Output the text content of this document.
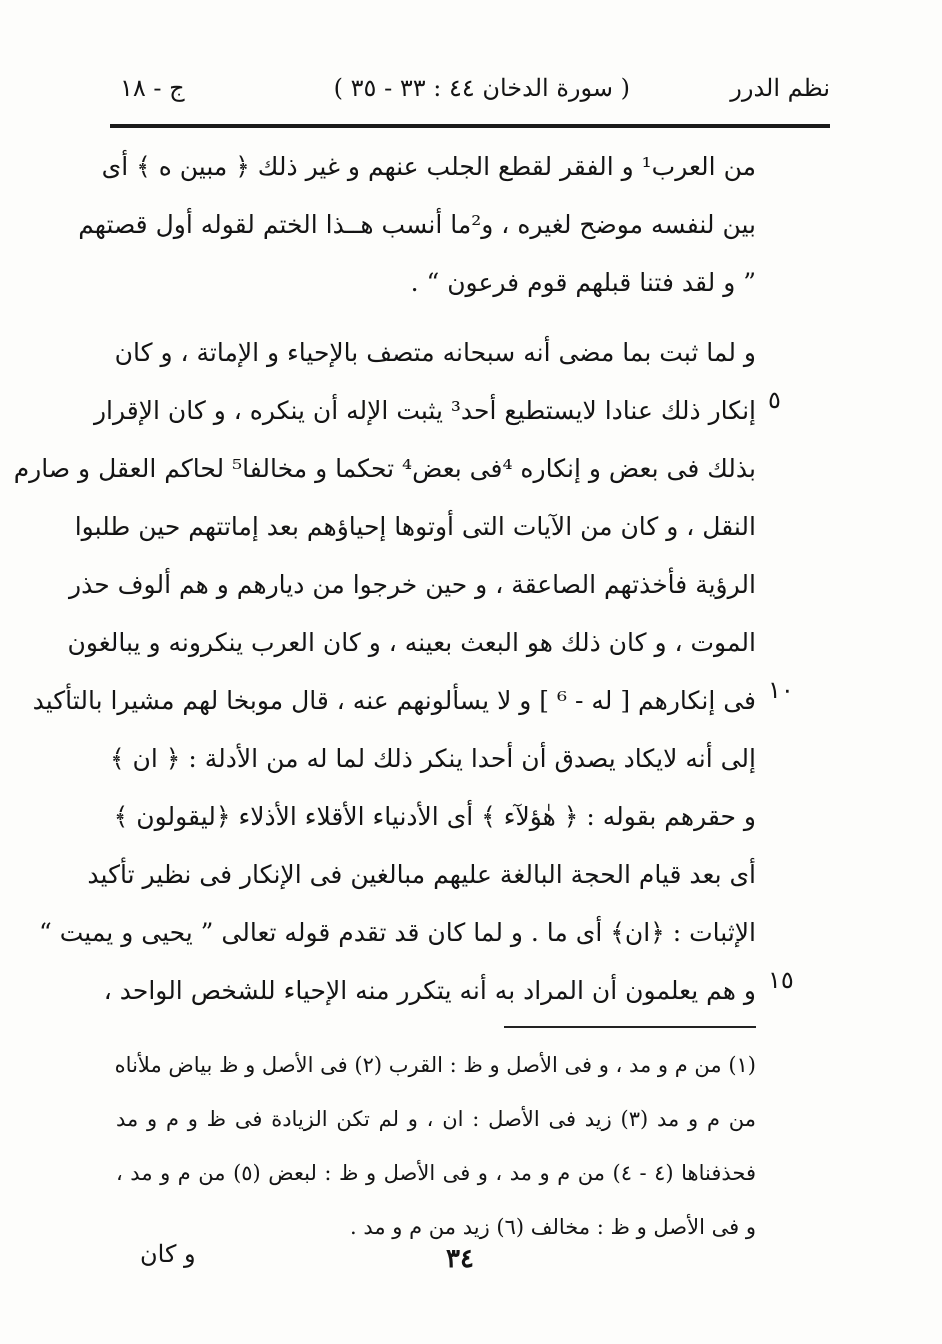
نظم الدرر
( سورة الدخان ٤٤ : ٣٣ - ٣٥ )
ج - ١٨
من العرب¹ و الفقر لقطع الجلب عنهم و غير ذلك ﴿ مبين ه ﴾ أى
بين لنفسه موضح لغيره ، و²ما أنسب هــذا الختم لقوله أول قصتهم
” و لقد فتنا قبلهم قوم فرعون “ .
و لما ثبت بما مضى أنه سبحانه متصف بالإحياء و الإماتة ، و كان
إنكار ذلك عنادا لايستطيع أحد³ يثبت الإله أن ينكره ، و كان الإقرار
بذلك فى بعض و إنكاره ⁴فى بعض⁴ تحكما و مخالفا⁵ لحاكم العقل و صارم
النقل ، و كان من الآيات التى أوتوها إحياؤهم بعد إماتتهم حين طلبوا
الرؤية فأخذتهم الصاعقة ، و حين خرجوا من ديارهم و هم ألوف حذر
الموت ، و كان ذلك هو البعث بعينه ، و كان العرب ينكرونه و يبالغون
فى إنكارهم [ له - ⁶ ] و لا يسألونهم عنه ، قال موبخا لهم مشيرا بالتأكيد
إلى أنه لايكاد يصدق أن أحدا ينكر ذلك لما له من الأدلة : ﴿ ان ﴾
و حقرهم بقوله : ﴿ هٰؤلآء ﴾ أى الأدنياء الأقلاء الأذلاء ﴿ليقولون ﴾
أى بعد قيام الحجة البالغة عليهم مبالغين فى الإنكار فى نظير تأكيد
الإثبات : ﴿ان﴾ أى ما . و لما كان قد تقدم قوله تعالى ” يحيى و يميت “
و هم يعلمون أن المراد به أنه يتكرر منه الإحياء للشخص الواحد ،
٥
١٠
١٥
(١) من م و مد ، و فى الأصل و ظ : القرب (٢) فى الأصل و ظ بياض ملأناه
من م و مد (٣) زيد فى الأصل : ان ، و لم تكن الزيادة فى ظ و م و مد
فحذفناها (٤ - ٤) من م و مد ، و فى الأصل و ظ : لبعض (٥) من م و مد ،
و فى الأصل و ظ : مخالف (٦) زيد من م و مد .
و كان	٣٤
